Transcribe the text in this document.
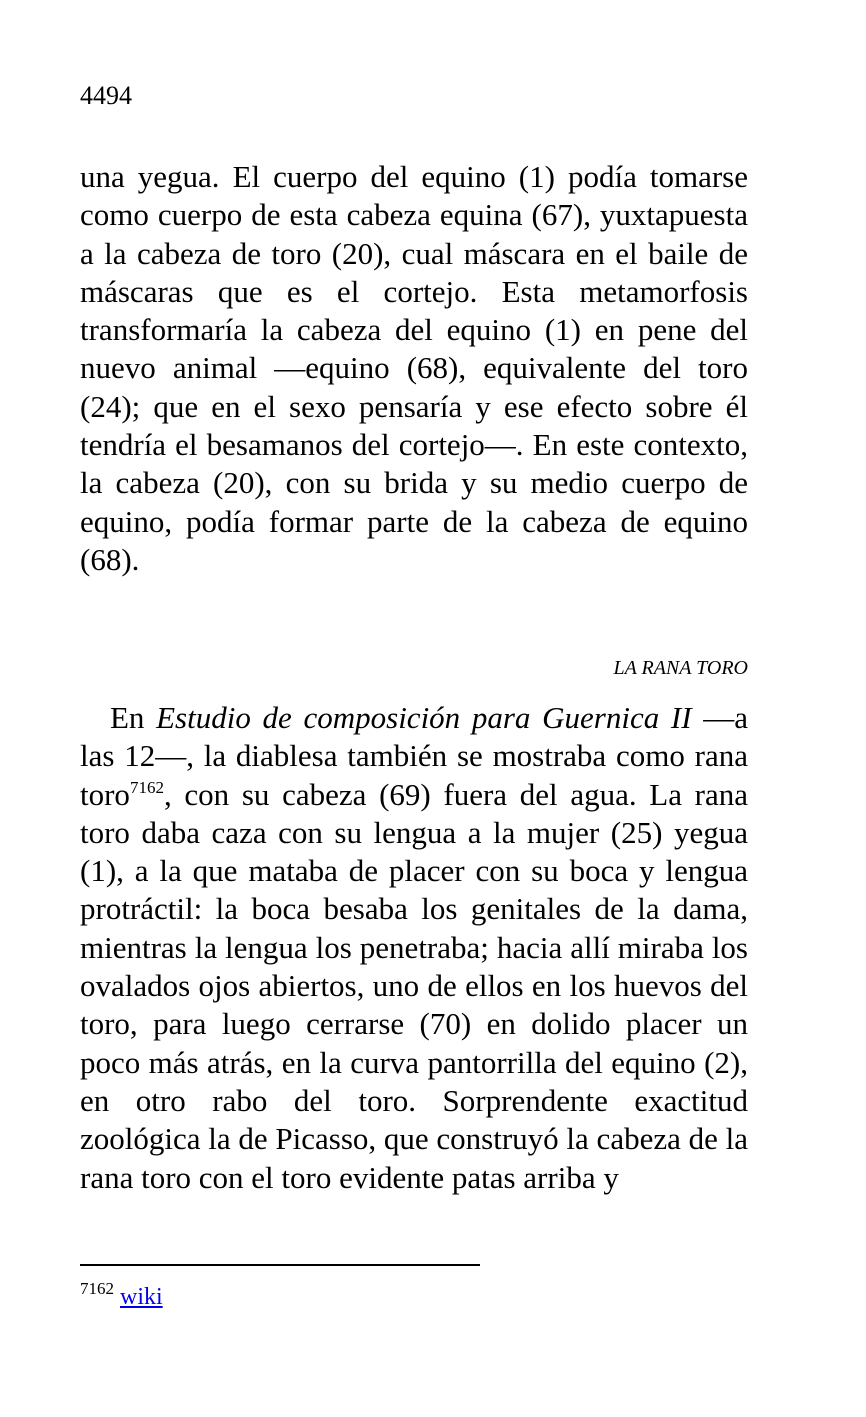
4494

una yegua. El cuerpo del equino (1) podía tomarse como cuerpo de esta cabeza equina (67), yuxtapuesta a la cabeza de toro (20), cual máscara en el baile de máscaras que es el cortejo. Esta metamorfosis transformaría la cabeza del equino (1) en pene del nuevo animal —equino (68), equivalente del toro (24); que en el sexo pensaría y ese efecto sobre él tendría el besamanos del cortejo—. En este contexto, la cabeza (20), con su brida y su medio cuerpo de equino, podía formar parte de la cabeza de equino (68).

LA RANA TORO

En Estudio de composición para Guernica II —a las 12—, la diablesa también se mostraba como rana toro$^{7162}$, con su cabeza (69) fuera del agua. La rana toro daba caza con su lengua a la mujer (25) yegua (1), a la que mataba de placer con su boca y lengua protráctil: la boca besaba los genitales de la dama, mientras la lengua los penetraba; hacia allí miraba los ovalados ojos abiertos, uno de ellos en los huevos del toro, para luego cerrarse (70) en dolido placer un poco más atrás, en la curva pantorrilla del equino (2), en otro rabo del toro. Sorprendente exactitud zoológica la de Picasso, que construyó la cabeza de la rana toro con el toro evidente patas arriba y

$^{7162}$ wiki
